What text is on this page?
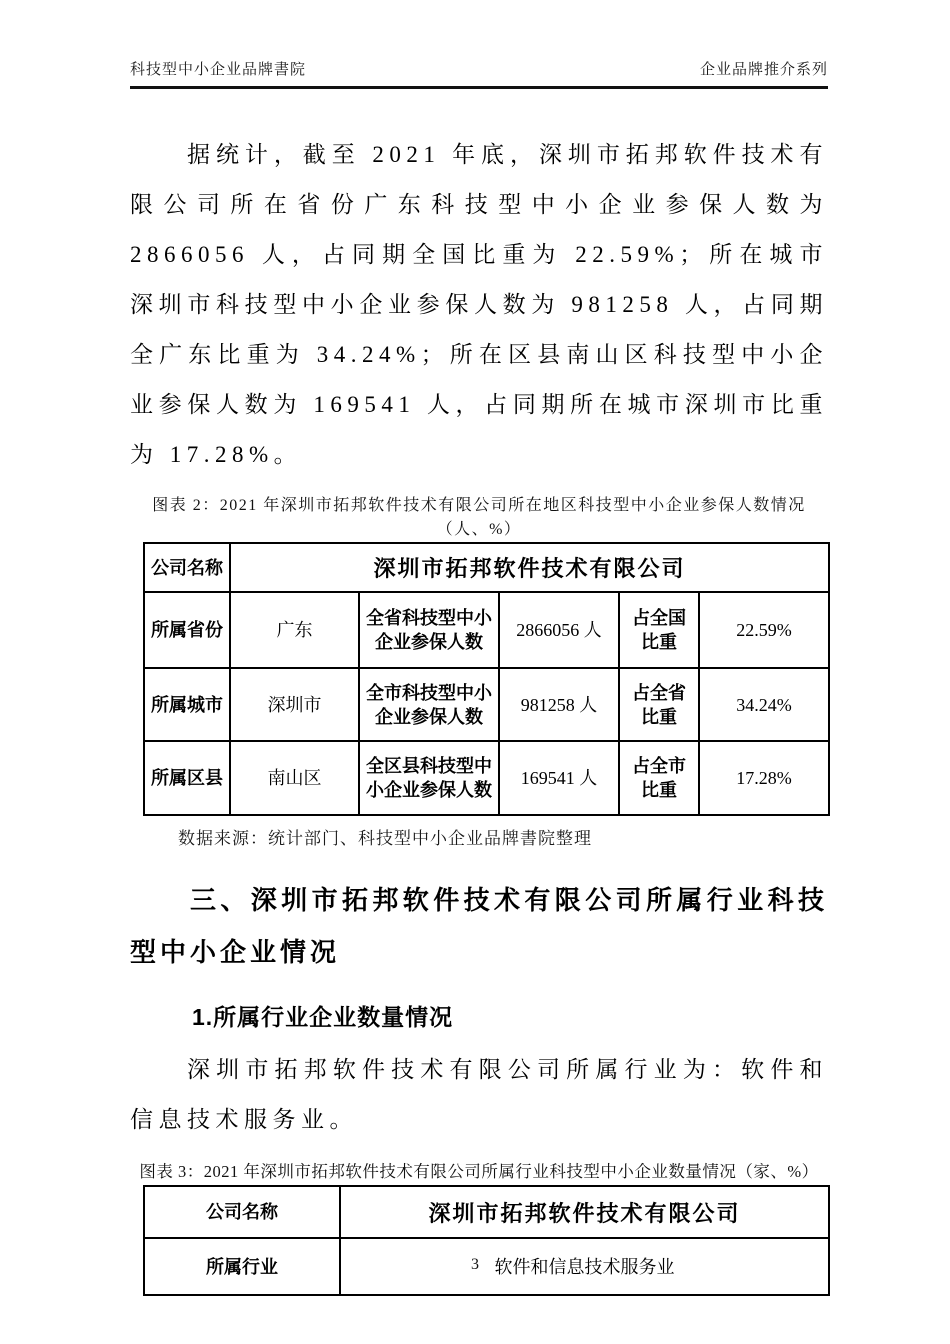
科技型中小企业品牌書院	企业品牌推介系列

据统计，截至 2021 年底，深圳市拓邦软件技术有限公司所在省份广东科技型中小企业参保人数为 2866056 人，占同期全国比重为 22.59%；所在城市深圳市科技型中小企业参保人数为 981258 人，占同期全广东比重为 34.24%；所在区县南山区科技型中小企业参保人数为 169541 人，占同期所在城市深圳市比重为 17.28%。

图表 2：2021 年深圳市拓邦软件技术有限公司所在地区科技型中小企业参保人数情况（人、%）
公司名称	深圳市拓邦软件技术有限公司				
所属省份	广东	全省科技型中小企业参保人数	2866056 人	占全国比重	22.59%
所属城市	深圳市	全市科技型中小企业参保人数	981258 人	占全省比重	34.24%
所属区县	南山区	全区县科技型中小企业参保人数	169541 人	占全市比重	17.28%
数据来源：统计部门、科技型中小企业品牌書院整理
三、深圳市拓邦软件技术有限公司所属行业科技型中小企业情况
1.所属行业企业数量情况

深圳市拓邦软件技术有限公司所属行业为：软件和信息技术服务业。

图表 3：2021 年深圳市拓邦软件技术有限公司所属行业科技型中小企业数量情况（家、%）
公司名称	深圳市拓邦软件技术有限公司
所属行业	软件和信息技术服务业
3
